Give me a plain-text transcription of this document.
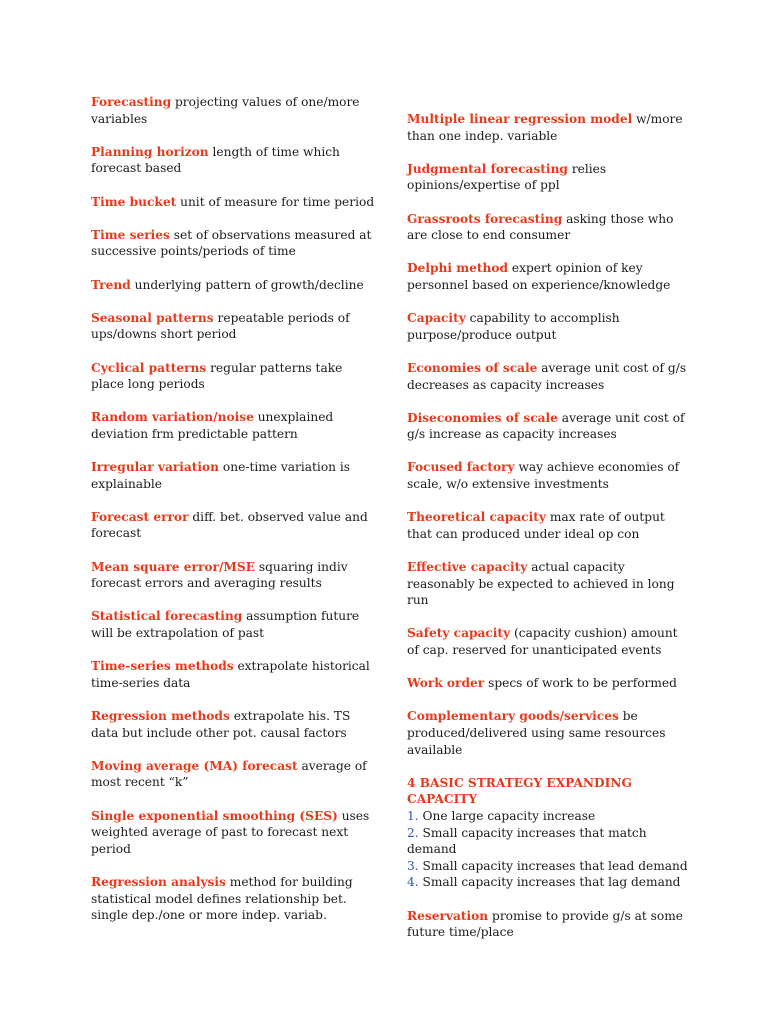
Forecasting projecting values of one/more variables
Planning horizon length of time which forecast based
Time bucket unit of measure for time period
Time series set of observations measured at successive points/periods of time
Trend underlying pattern of growth/decline
Seasonal patterns repeatable periods of ups/downs short period
Cyclical patterns regular patterns take place long periods
Random variation/noise unexplained deviation frm predictable pattern
Irregular variation one-time variation is explainable
Forecast error diff. bet. observed value and forecast
Mean square error/MSE squaring indiv forecast errors and averaging results
Statistical forecasting assumption future will be extrapolation of past
Time-series methods extrapolate historical time-series data
Regression methods extrapolate his. TS data but include other pot. causal factors
Moving average (MA) forecast average of most recent “k”
Single exponential smoothing (SES) uses weighted average of past to forecast next period
Regression analysis method for building statistical model defines relationship bet. single dep./one or more indep. variab.
Multiple linear regression model w/more than one indep. variable
Judgmental forecasting relies opinions/expertise of ppl
Grassroots forecasting asking those who are close to end consumer
Delphi method expert opinion of key personnel based on experience/knowledge
Capacity capability to accomplish purpose/produce output
Economies of scale average unit cost of g/s decreases as capacity increases
Diseconomies of scale average unit cost of g/s increase as capacity increases
Focused factory way achieve economies of scale, w/o extensive investments
Theoretical capacity max rate of output that can produced under ideal op con
Effective capacity actual capacity reasonably be expected to achieved in long run
Safety capacity (capacity cushion) amount of cap. reserved for unanticipated events
Work order specs of work to be performed
Complementary goods/services be produced/delivered using same resources available
4 BASIC STRATEGY EXPANDING CAPACITY
1. One large capacity increase
2. Small capacity increases that match demand
3. Small capacity increases that lead demand
4. Small capacity increases that lag demand
Reservation promise to provide g/s at some future time/place
